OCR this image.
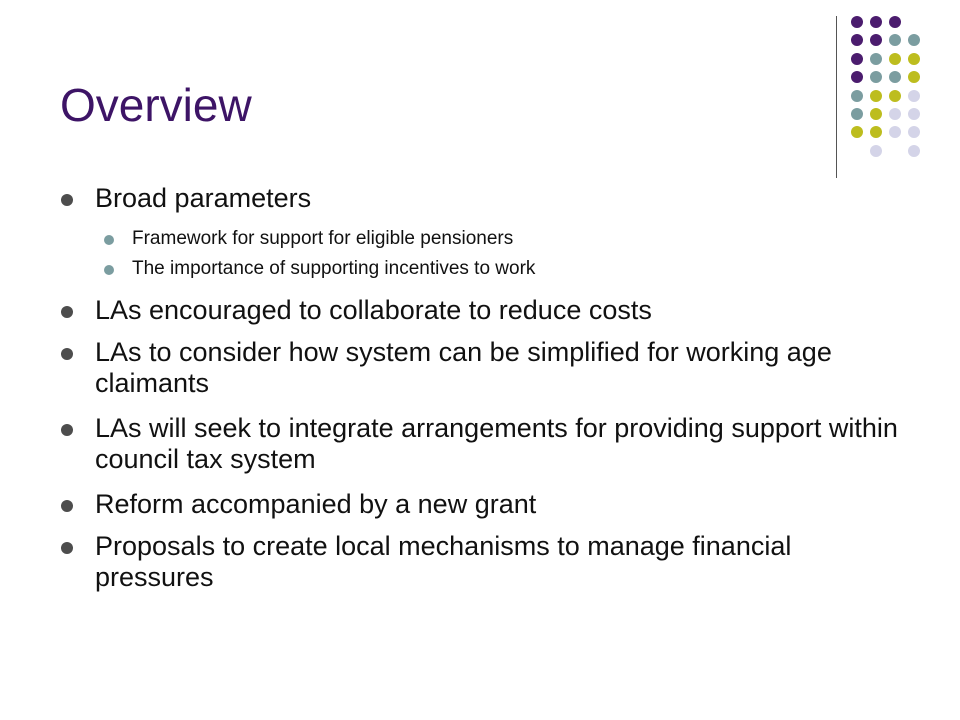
Overview
Broad parameters
Framework for support for eligible pensioners
The importance of supporting incentives to work
LAs encouraged to collaborate to reduce costs
LAs to consider how system can be simplified for working age claimants
LAs will seek to integrate arrangements for providing support within council tax system
Reform accompanied by a new grant
Proposals to create local mechanisms to manage financial pressures
